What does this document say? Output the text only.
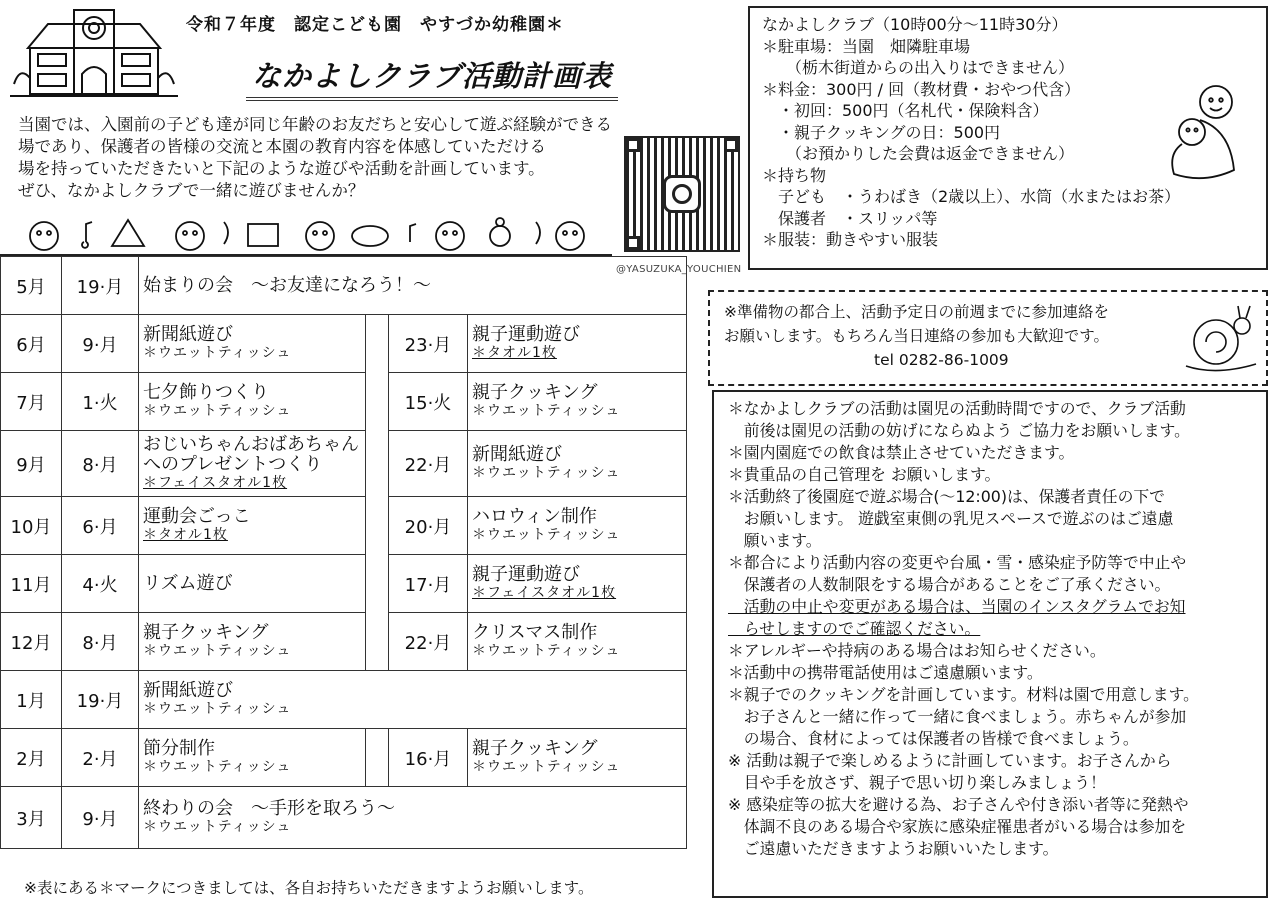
令和７年度　認定こども園　やすづか幼稚園＊
なかよしクラブ活動計画表

当園では、入園前の子ども達が同じ年齢のお友だちと安心して遊ぶ経験ができる

場であり、保護者の皆様の交流と本園の教育内容を体感していただける

場を持っていただきたいと下記のような遊びや活動を計画しています。

ぜひ、なかよしクラブで一緒に遊びませんか？

@YASUZUKA_YOUCHIEN
5月	19·月	始まりの会　～お友達になろう！～			

6月	9·月	新聞紙遊び
＊ウエットティッシュ		23·月	親子運動遊び
＊タオル1枚

7月	1·火	七夕飾りつくり
＊ウエットティッシュ		15·火	親子クッキング
＊ウエットティッシュ

9月	8·月	おじいちゃんおばあちゃん
へのプレゼントつくり
＊フェイスタオル1枚		22·月	新聞紙遊び
＊ウエットティッシュ

10月	6·月	運動会ごっこ
＊タオル1枚		20·月	ハロウィン制作
＊ウエットティッシュ

11月	4·火	リズム遊び		17·月	親子運動遊び
＊フェイスタオル1枚

12月	8·月	親子クッキング
＊ウエットティッシュ		22·月	クリスマス制作
＊ウエットティッシュ

1月	19·月	新聞紙遊び
＊ウエットティッシュ			

2月	2·月	節分制作
＊ウエットティッシュ		16·月	親子クッキング
＊ウエットティッシュ

3月	9·月	終わりの会　～手形を取ろう～
＊ウエットティッシュ			
※表にある＊マークにつきましては、各自お持ちいただきますようお願いします。

なかよしクラブ（10時00分～11時30分）

＊駐車場：当園　畑隣駐車場

　　（栃木街道からの出入りはできません）

＊料金：300円 / 回（教材費・おやつ代含）

　・初回：500円（名札代・保険料含）

　・親子クッキングの日：500円

　　（お預かりした会費は返金できません）

＊持ち物

　子ども　・うわばき（2歳以上）、水筒（水またはお茶）

　保護者　・スリッパ等

＊服装：動きやすい服装

※準備物の都合上、活動予定日の前週までに参加連絡を

お願いします。もちろん当日連絡の参加も大歓迎です。

tel 0282-86-1009

＊なかよしクラブの活動は園児の活動時間ですので、クラブ活動

　前後は園児の活動の妨げにならぬよう ご協力をお願いします。

＊園内園庭での飲食は禁止させていただきます。

＊貴重品の自己管理を お願いします。

＊活動終了後園庭で遊ぶ場合(～12:00)は、保護者責任の下で

　お願いします。 遊戯室東側の乳児スペースで遊ぶのはご遠慮

　願います。

＊都合により活動内容の変更や台風・雪・感染症予防等で中止や

　保護者の人数制限をする場合があることをご了承ください。

　活動の中止や変更がある場合は、当園のインスタグラムでお知

　らせしますのでご確認ください。

＊アレルギーや持病のある場合はお知らせください。

＊活動中の携帯電話使用はご遠慮願います。

＊親子でのクッキングを計画しています。材料は園で用意します。

　お子さんと一緒に作って一緒に食べましょう。赤ちゃんが参加

　の場合、食材によっては保護者の皆様で食べましょう。

※ 活動は親子で楽しめるように計画しています。お子さんから

　目や手を放さず、親子で思い切り楽しみましょう！

※ 感染症等の拡大を避ける為、お子さんや付き添い者等に発熱や

　体調不良のある場合や家族に感染症罹患者がいる場合は参加を

　ご遠慮いただきますようお願いいたします。
